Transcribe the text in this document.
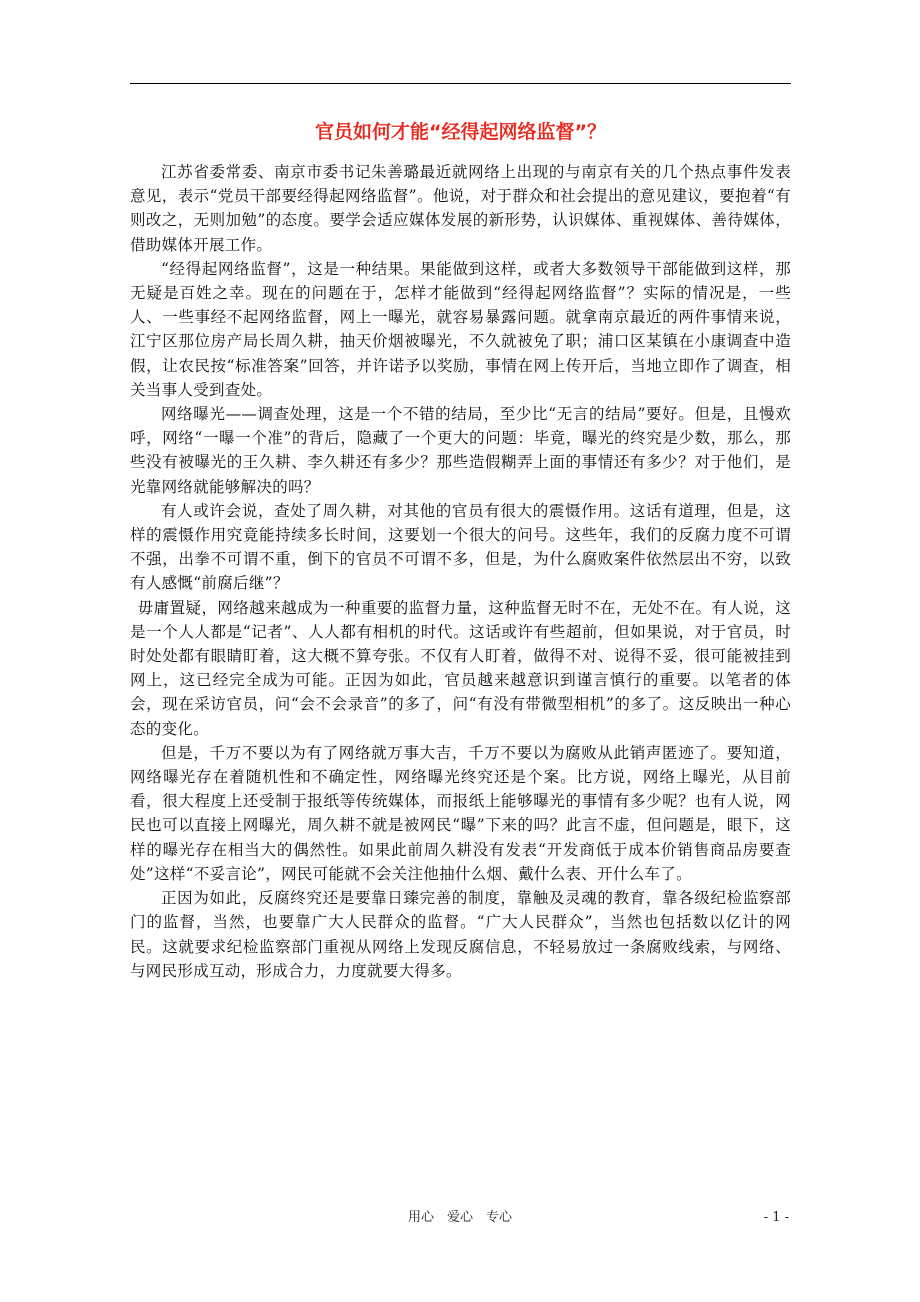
官员如何才能“经得起网络监督”？

江苏省委常委、南京市委书记朱善璐最近就网络上出现的与南京有关的几个热点事件发表意见，表示“党员干部要经得起网络监督”。他说，对于群众和社会提出的意见建议，要抱着“有则改之，无则加勉”的态度。要学会适应媒体发展的新形势，认识媒体、重视媒体、善待媒体，借助媒体开展工作。

“经得起网络监督”，这是一种结果。果能做到这样，或者大多数领导干部能做到这样，那无疑是百姓之幸。现在的问题在于，怎样才能做到“经得起网络监督”？实际的情况是，一些人、一些事经不起网络监督，网上一曝光，就容易暴露问题。就拿南京最近的两件事情来说，江宁区那位房产局长周久耕，抽天价烟被曝光，不久就被免了职；浦口区某镇在小康调查中造假，让农民按“标准答案”回答，并许诺予以奖励，事情在网上传开后，当地立即作了调查，相关当事人受到查处。

网络曝光——调查处理，这是一个不错的结局，至少比“无言的结局”要好。但是，且慢欢呼，网络“一曝一个准”的背后，隐藏了一个更大的问题：毕竟，曝光的终究是少数，那么，那些没有被曝光的王久耕、李久耕还有多少？那些造假糊弄上面的事情还有多少？对于他们，是光靠网络就能够解决的吗？

有人或许会说，查处了周久耕，对其他的官员有很大的震慑作用。这话有道理，但是，这样的震慑作用究竟能持续多长时间，这要划一个很大的问号。这些年，我们的反腐力度不可谓不强，出拳不可谓不重，倒下的官员不可谓不多，但是，为什么腐败案件依然层出不穷，以致有人感慨“前腐后继”？

毋庸置疑，网络越来越成为一种重要的监督力量，这种监督无时不在，无处不在。有人说，这是一个人人都是“记者”、人人都有相机的时代。这话或许有些超前，但如果说，对于官员，时时处处都有眼睛盯着，这大概不算夸张。不仅有人盯着，做得不对、说得不妥，很可能被挂到网上，这已经完全成为可能。正因为如此，官员越来越意识到谨言慎行的重要。以笔者的体会，现在采访官员，问“会不会录音”的多了，问“有没有带微型相机”的多了。这反映出一种心态的变化。

但是，千万不要以为有了网络就万事大吉，千万不要以为腐败从此销声匿迹了。要知道，网络曝光存在着随机性和不确定性，网络曝光终究还是个案。比方说，网络上曝光，从目前看，很大程度上还受制于报纸等传统媒体，而报纸上能够曝光的事情有多少呢？也有人说，网民也可以直接上网曝光，周久耕不就是被网民“曝”下来的吗？此言不虚，但问题是，眼下，这样的曝光存在相当大的偶然性。如果此前周久耕没有发表“开发商低于成本价销售商品房要查处”这样“不妥言论”，网民可能就不会关注他抽什么烟、戴什么表、开什么车了。

正因为如此，反腐终究还是要靠日臻完善的制度，靠触及灵魂的教育，靠各级纪检监察部门的监督，当然，也要靠广大人民群众的监督。“广大人民群众”，当然也包括数以亿计的网民。这就要求纪检监察部门重视从网络上发现反腐信息，不轻易放过一条腐败线索，与网络、与网民形成互动，形成合力，力度就要大得多。

用心　爱心　专心	- 1 -
